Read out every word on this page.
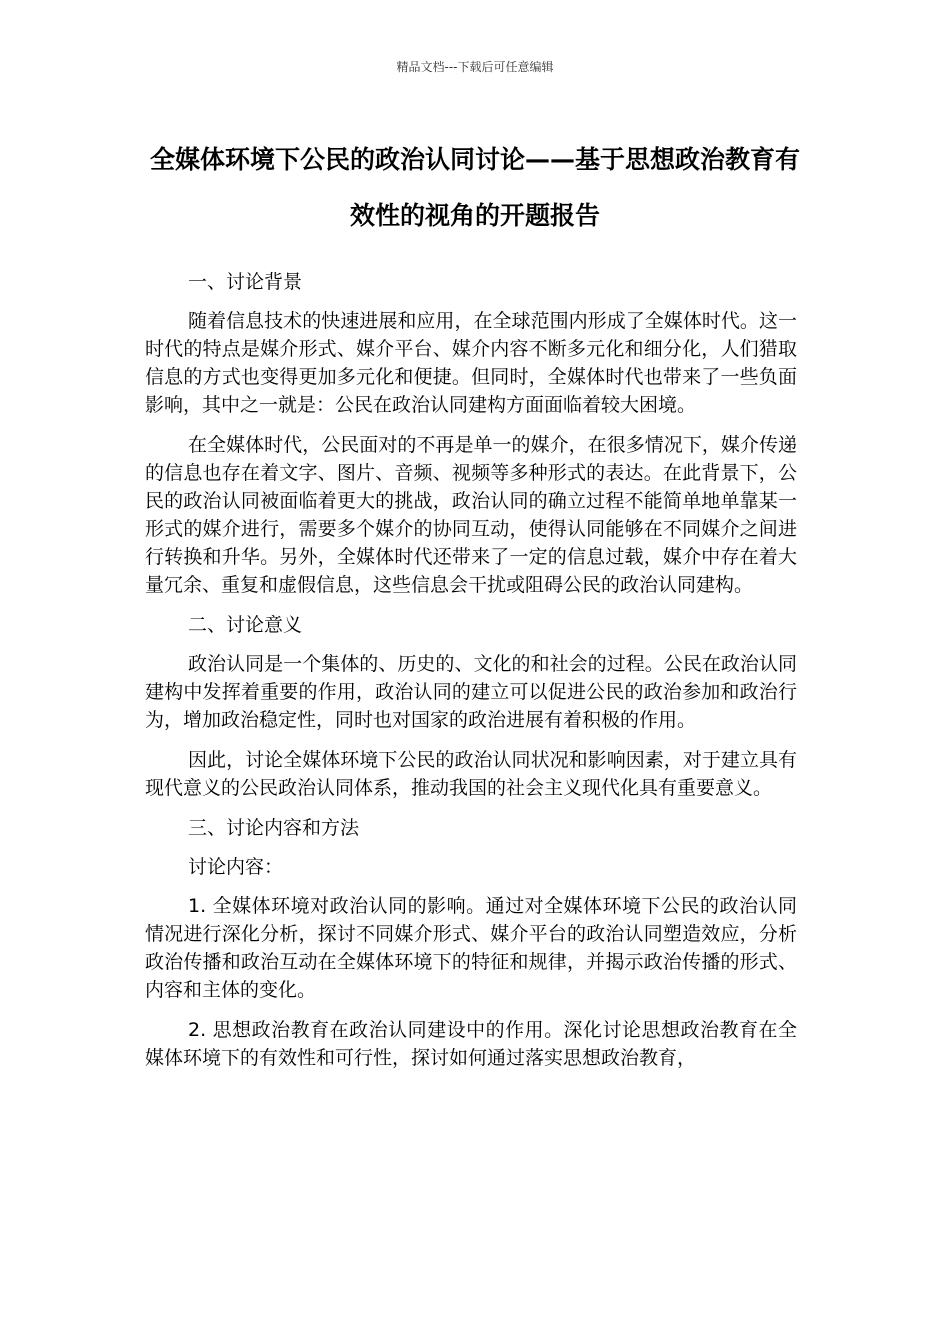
精品文档---下载后可任意编辑
全媒体环境下公民的政治认同讨论——基于思想政治教育有效性的视角的开题报告

一、讨论背景

随着信息技术的快速进展和应用，在全球范围内形成了全媒体时代。这一时代的特点是媒介形式、媒介平台、媒介内容不断多元化和细分化，人们猎取信息的方式也变得更加多元化和便捷。但同时，全媒体时代也带来了一些负面影响，其中之一就是：公民在政治认同建构方面面临着较大困境。

在全媒体时代，公民面对的不再是单一的媒介，在很多情况下，媒介传递的信息也存在着文字、图片、音频、视频等多种形式的表达。在此背景下，公民的政治认同被面临着更大的挑战，政治认同的确立过程不能简单地单靠某一形式的媒介进行，需要多个媒介的协同互动，使得认同能够在不同媒介之间进行转换和升华。另外，全媒体时代还带来了一定的信息过载，媒介中存在着大量冗余、重复和虚假信息，这些信息会干扰或阻碍公民的政治认同建构。

二、讨论意义

政治认同是一个集体的、历史的、文化的和社会的过程。公民在政治认同建构中发挥着重要的作用，政治认同的建立可以促进公民的政治参加和政治行为，增加政治稳定性，同时也对国家的政治进展有着积极的作用。

因此，讨论全媒体环境下公民的政治认同状况和影响因素，对于建立具有现代意义的公民政治认同体系，推动我国的社会主义现代化具有重要意义。

三、讨论内容和方法

讨论内容：

1. 全媒体环境对政治认同的影响。通过对全媒体环境下公民的政治认同情况进行深化分析，探讨不同媒介形式、媒介平台的政治认同塑造效应，分析政治传播和政治互动在全媒体环境下的特征和规律，并揭示政治传播的形式、内容和主体的变化。

2. 思想政治教育在政治认同建设中的作用。深化讨论思想政治教育在全媒体环境下的有效性和可行性，探讨如何通过落实思想政治教育，
